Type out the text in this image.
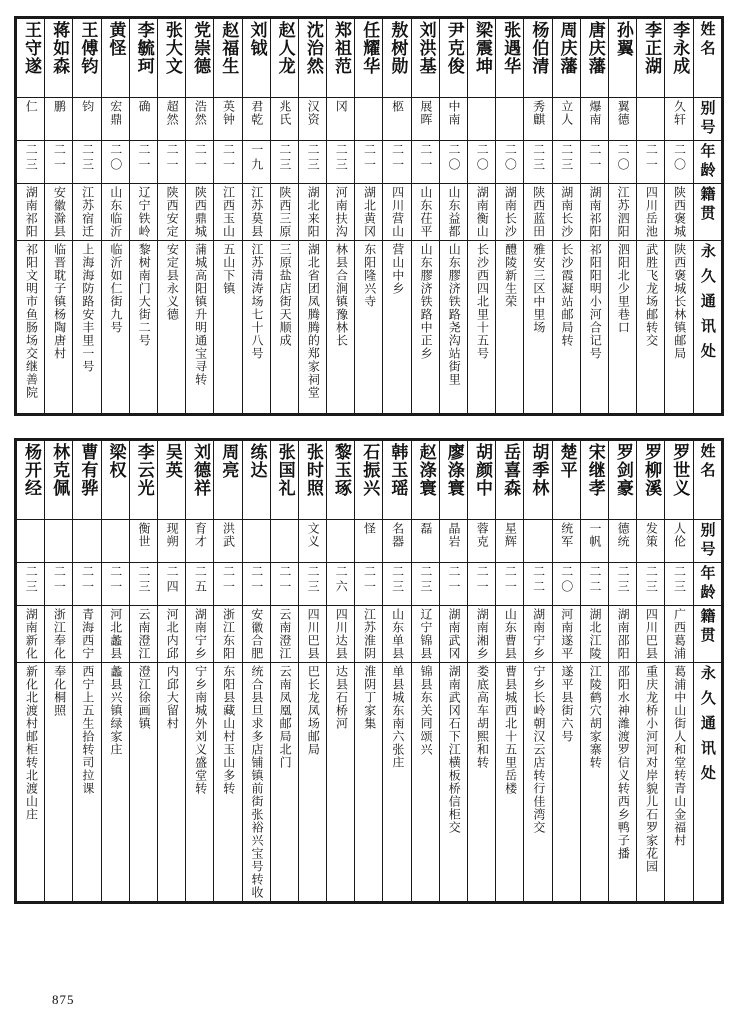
王守遂	蒋如森	王傅钧	黄怪	李毓珂	张大文	党崇德	赵福生	刘钺	赵人龙	沈治然	郑祖范	任耀华	敖树勋	刘洪基	尹克俊	梁震坤	张遇华	杨伯清	周庆藩	唐庆藩	孙翼	李正湖	李永成	姓名

仁	鹏	钧	宏鼎	确	超然	浩然	英钟	君乾	兆氏	汉资	冈		柩	展晖	中南			秀麒	立人	爆南	翼德		久轩	别号

二三	二一	二三	二〇	二一	二一	二一	二一	一九	二三	二三	二三	二一	二一	二一	二〇	二〇	二〇	二三	二三	二一	二〇	二一	二〇	年龄

湖南祁阳	安徽滁县	江苏宿迁	山东临沂	辽宁铁岭	陕西安定	陕西鼎城	江西玉山	江苏莫县	陕西三原	湖北来阳	河南扶沟	湖北黄冈	四川营山	山东茌平	山东益都	湖南衡山	湖南长沙	陕西蓝田	湖南长沙	湖南祁阳	江苏泗阳	四川岳池	陕西褒城	籍贯

祁阳文明市鱼肠场交继善院	临晋耽子镇杨陶唐村	上海海防路安丰里一号	临沂如仁街九号	黎树南门大街二号	安定县永义德	蒲城高阳镇升明通宝寻转	五山下镇	江苏清涛场七十八号	三原盐店街天顺成	湖北省团凤腾腾的郑家祠堂	林县合涧镇豫林长	东阳隆兴寺	营山中乡	山东膠济铁路中正乡	山东膠济铁路尧沟站街里	长沙西四北里十五号	醴陵新生荣	雅安三区中里场	长沙霞凝站邮局转	祁阳阳明小河合记号	泗阳北少里巷口	武胜飞龙场邮转交	陕西褒城长林镇邮局	永久通讯处
杨开经	林克佩	曹有骅	梁权	李云光	吴英	刘德祥	周亮	练达	张国礼	张时照	黎玉琢	石振兴	韩玉瑶	赵涤寰	廖涤寰	胡颜中	岳喜森	胡季林	楚平	宋继孝	罗剑豪	罗柳溪	罗世义	姓名

				衡世	现朔	育才	洪武			文义		怪	名器	磊	晶岩	蓉克	星辉		统军	一帆	德统	发策	人伦	别号

二三	二一	二一	二一	二三	二四	二五	二一	二一	二一	二三	二六	二一	二三	二三	二一	二一	二一	二二	二〇	二二	二三	二三	二三	年龄

湖南新化	浙江奉化	青海西宁	河北蠡县	云南澄江	河北内邱	湖南宁乡	浙江东阳	安徽合肥	云南澄江	四川巴县	四川达县	江苏淮阴	山东单县	辽宁锦县	湖南武冈	湖南湘乡	山东曹县	湖南宁乡	河南遂平	湖北江陵	湖南邵阳	四川巴县	广西葛浦	籍贯

新化北渡村邮柜转北渡山庄	奉化桐照	西宁上五生拾转司拉课	蠡县兴镇绿家庄	澄江徐画镇	内邱大留村	宁乡南城外刘义盛堂转	东阳县藏山村玉山多转	统合县旦求多店铺镇前街张裕兴宝号转收	云南凤凰邮局北门	巴长龙凤场邮局	达县石桥河	淮阴丁家集	单县城东南六张庄	锦县东关同颂兴	湖南武冈石下江横板桥信柜交	娄底高车胡熙和转	曹县城西北十五里岳楼	宁乡长岭朝汉云店转行佳湾交	遂平县街六号	江陵鹤穴胡家寨转	邵阳水神潍渡罗信义转西乡鸭子播	重庆龙桥小河河对岸貌儿石罗家花园	葛浦中山街人和堂转青山金福村	永久通讯处
875
